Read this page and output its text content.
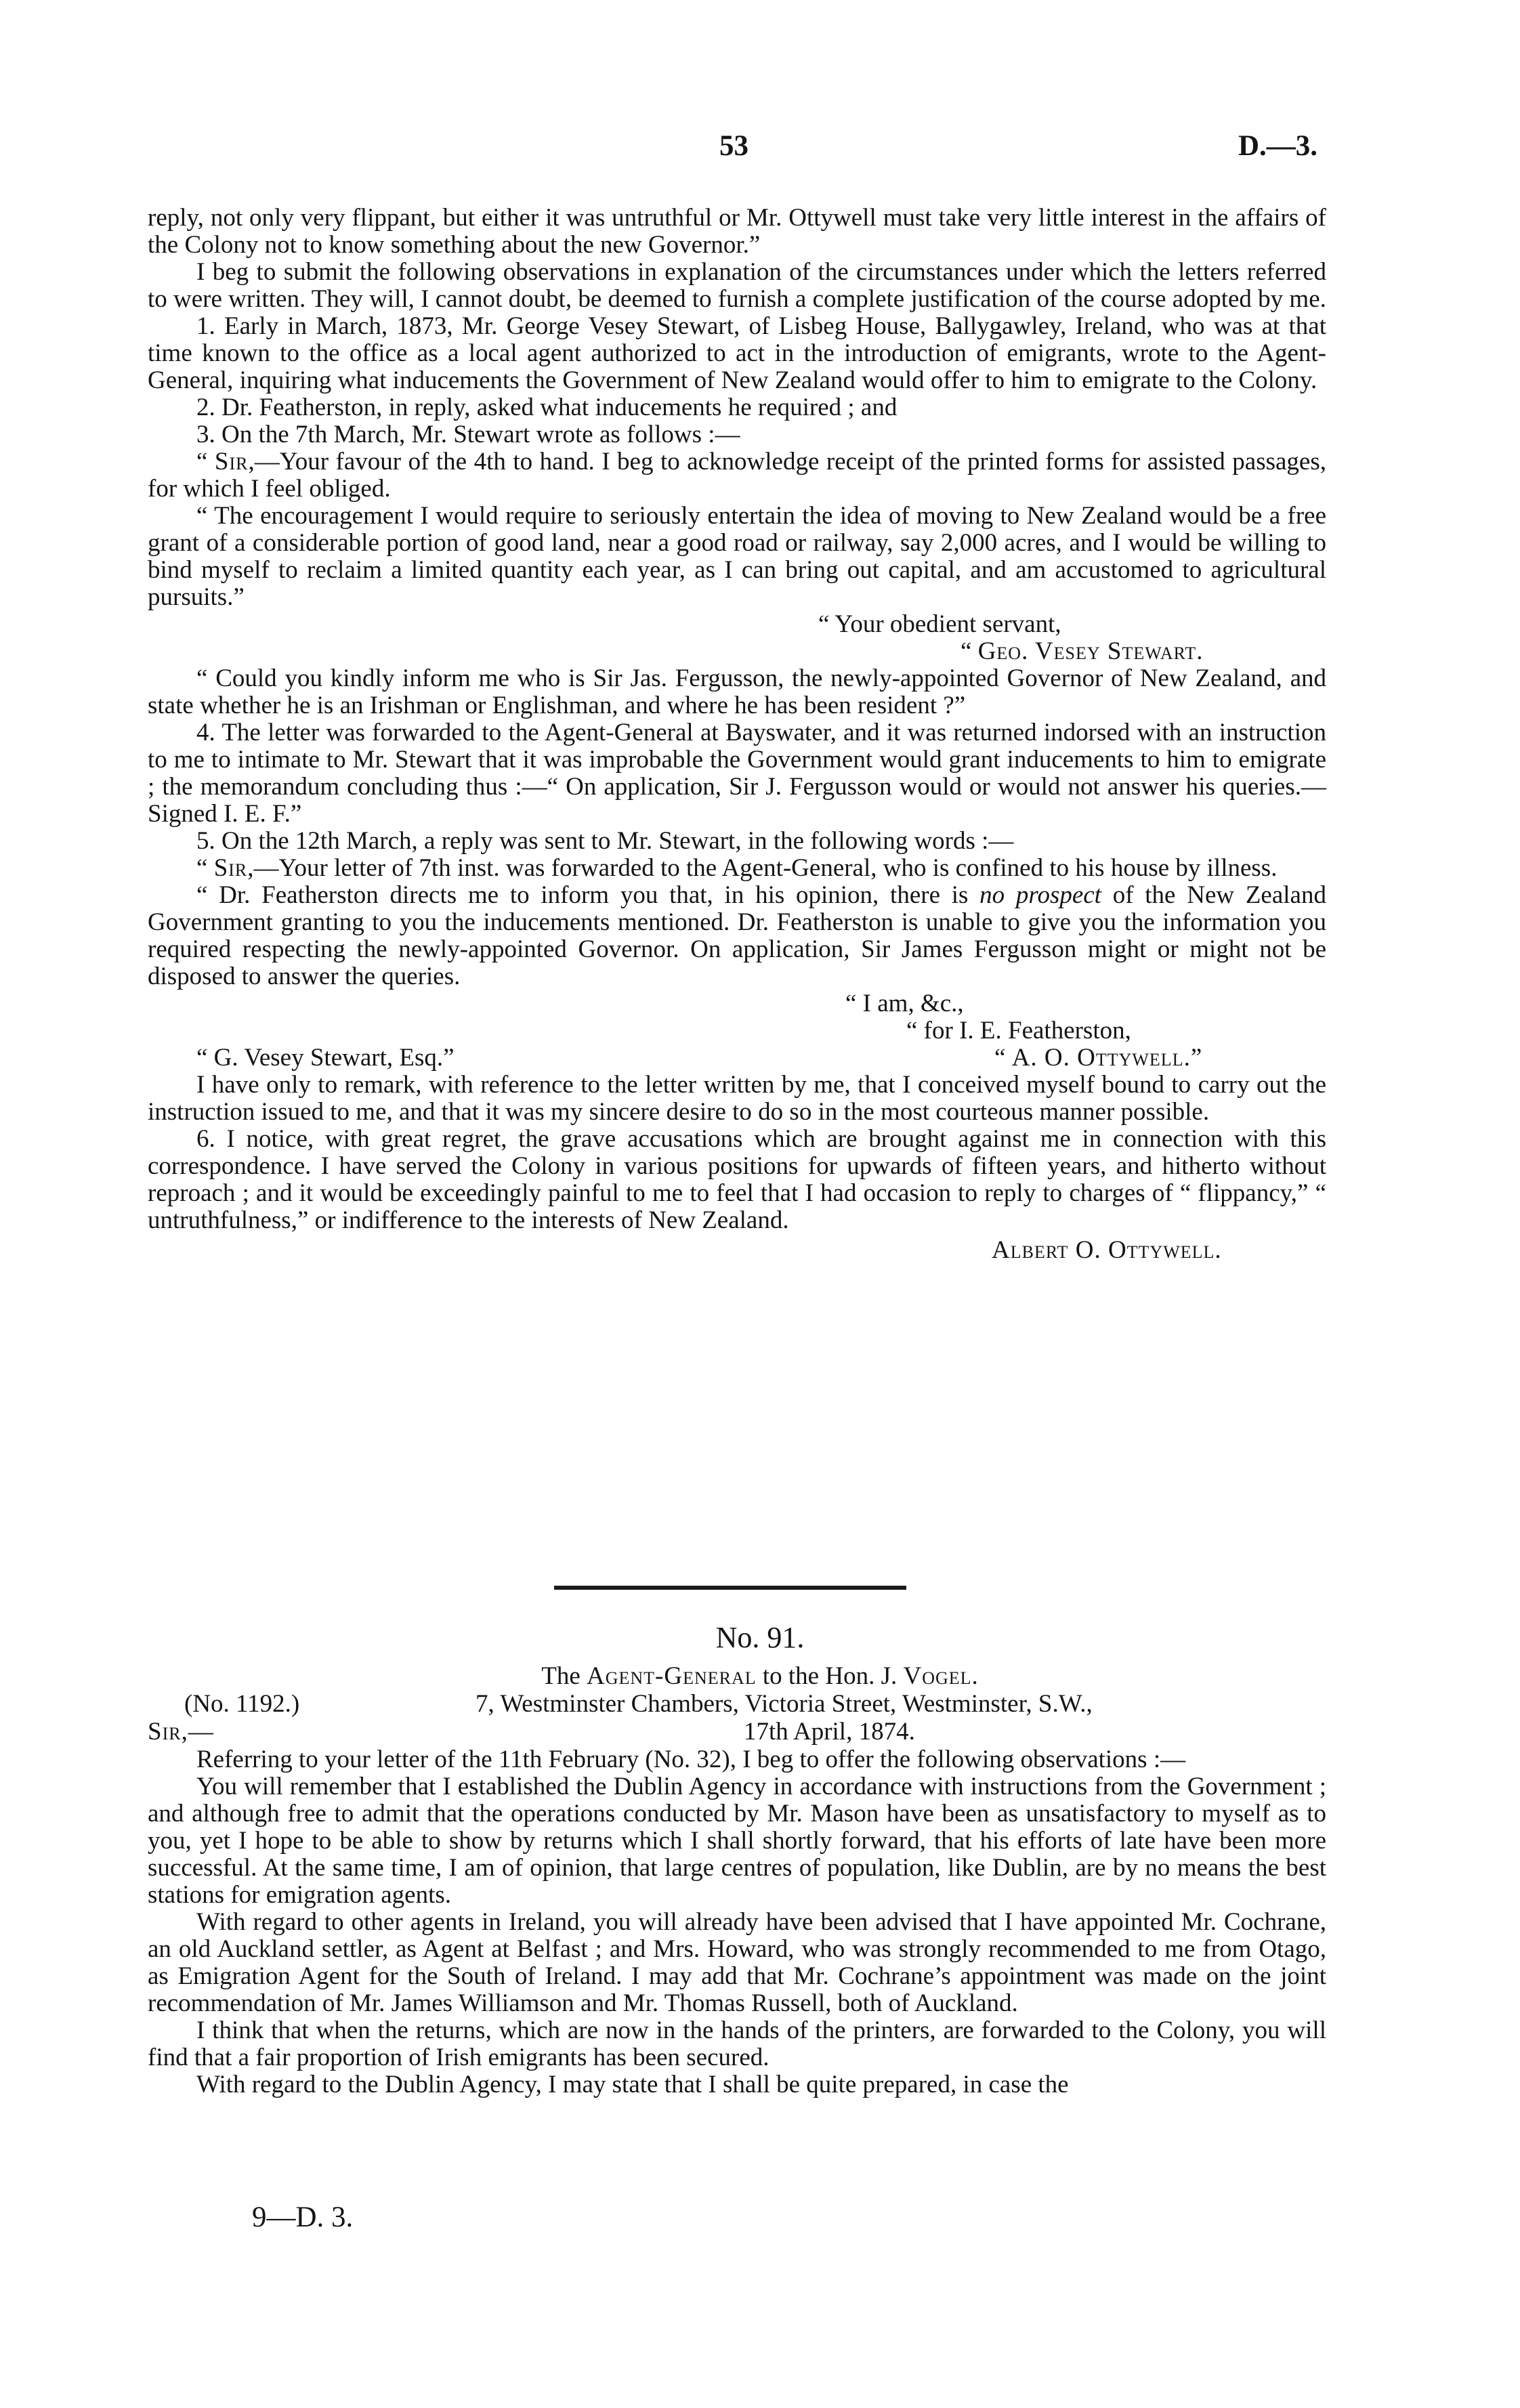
53	D.—3.

reply, not only very flippant, but either it was untruthful or Mr. Ottywell must take very little interest in the affairs of the Colony not to know something about the new Governor.”

I beg to submit the following observations in explanation of the circumstances under which the letters referred to were written. They will, I cannot doubt, be deemed to furnish a complete justification of the course adopted by me.

1. Early in March, 1873, Mr. George Vesey Stewart, of Lisbeg House, Ballygawley, Ireland, who was at that time known to the office as a local agent authorized to act in the introduction of emigrants, wrote to the Agent-General, inquiring what inducements the Government of New Zealand would offer to him to emigrate to the Colony.

2. Dr. Featherston, in reply, asked what inducements he required ; and

3. On the 7th March, Mr. Stewart wrote as follows :—

“ Sir,—Your favour of the 4th to hand. I beg to acknowledge receipt of the printed forms for assisted passages, for which I feel obliged.

“ The encouragement I would require to seriously entertain the idea of moving to New Zealand would be a free grant of a considerable portion of good land, near a good road or railway, say 2,000 acres, and I would be willing to bind myself to reclaim a limited quantity each year, as I can bring out capital, and am accustomed to agricultural pursuits.”

“ Your obedient servant,

“ Geo. Vesey Stewart.

“ Could you kindly inform me who is Sir Jas. Fergusson, the newly-appointed Governor of New Zealand, and state whether he is an Irishman or Englishman, and where he has been resident ?”

4. The letter was forwarded to the Agent-General at Bayswater, and it was returned indorsed with an instruction to me to intimate to Mr. Stewart that it was improbable the Government would grant inducements to him to emigrate ; the memorandum concluding thus :—“ On application, Sir J. Fergusson would or would not answer his queries.—Signed I. E. F.”

5. On the 12th March, a reply was sent to Mr. Stewart, in the following words :—

“ Sir,—Your letter of 7th inst. was forwarded to the Agent-General, who is confined to his house by illness.

“ Dr. Featherston directs me to inform you that, in his opinion, there is no prospect of the New Zealand Government granting to you the inducements mentioned. Dr. Featherston is unable to give you the information you required respecting the newly-appointed Governor. On application, Sir James Fergusson might or might not be disposed to answer the queries.

“ I am, &c.,

“ for I. E. Featherston,

“ G. Vesey Stewart, Esq.”	“ A. O. Ottywell.”

I have only to remark, with reference to the letter written by me, that I conceived myself bound to carry out the instruction issued to me, and that it was my sincere desire to do so in the most courteous manner possible.

6. I notice, with great regret, the grave accusations which are brought against me in connection with this correspondence. I have served the Colony in various positions for upwards of fifteen years, and hitherto without reproach ; and it would be exceedingly painful to me to feel that I had occasion to reply to charges of “ flippancy,” “ untruthfulness,” or indifference to the interests of New Zealand.

Albert O. Ottywell.

No. 91.
The Agent-General to the Hon. J. Vogel.
(No. 1192.)	7, Westminster Chambers, Victoria Street, Westminster, S.W.,
Sir,—	17th April, 1874.

Referring to your letter of the 11th February (No. 32), I beg to offer the following observations :—

You will remember that I established the Dublin Agency in accordance with instructions from the Government ; and although free to admit that the operations conducted by Mr. Mason have been as unsatisfactory to myself as to you, yet I hope to be able to show by returns which I shall shortly forward, that his efforts of late have been more successful. At the same time, I am of opinion, that large centres of population, like Dublin, are by no means the best stations for emigration agents.

With regard to other agents in Ireland, you will already have been advised that I have appointed Mr. Cochrane, an old Auckland settler, as Agent at Belfast ; and Mrs. Howard, who was strongly recommended to me from Otago, as Emigration Agent for the South of Ireland. I may add that Mr. Cochrane’s appointment was made on the joint recommendation of Mr. James Williamson and Mr. Thomas Russell, both of Auckland.

I think that when the returns, which are now in the hands of the printers, are forwarded to the Colony, you will find that a fair proportion of Irish emigrants has been secured.

With regard to the Dublin Agency, I may state that I shall be quite prepared, in case the

9—D. 3.
